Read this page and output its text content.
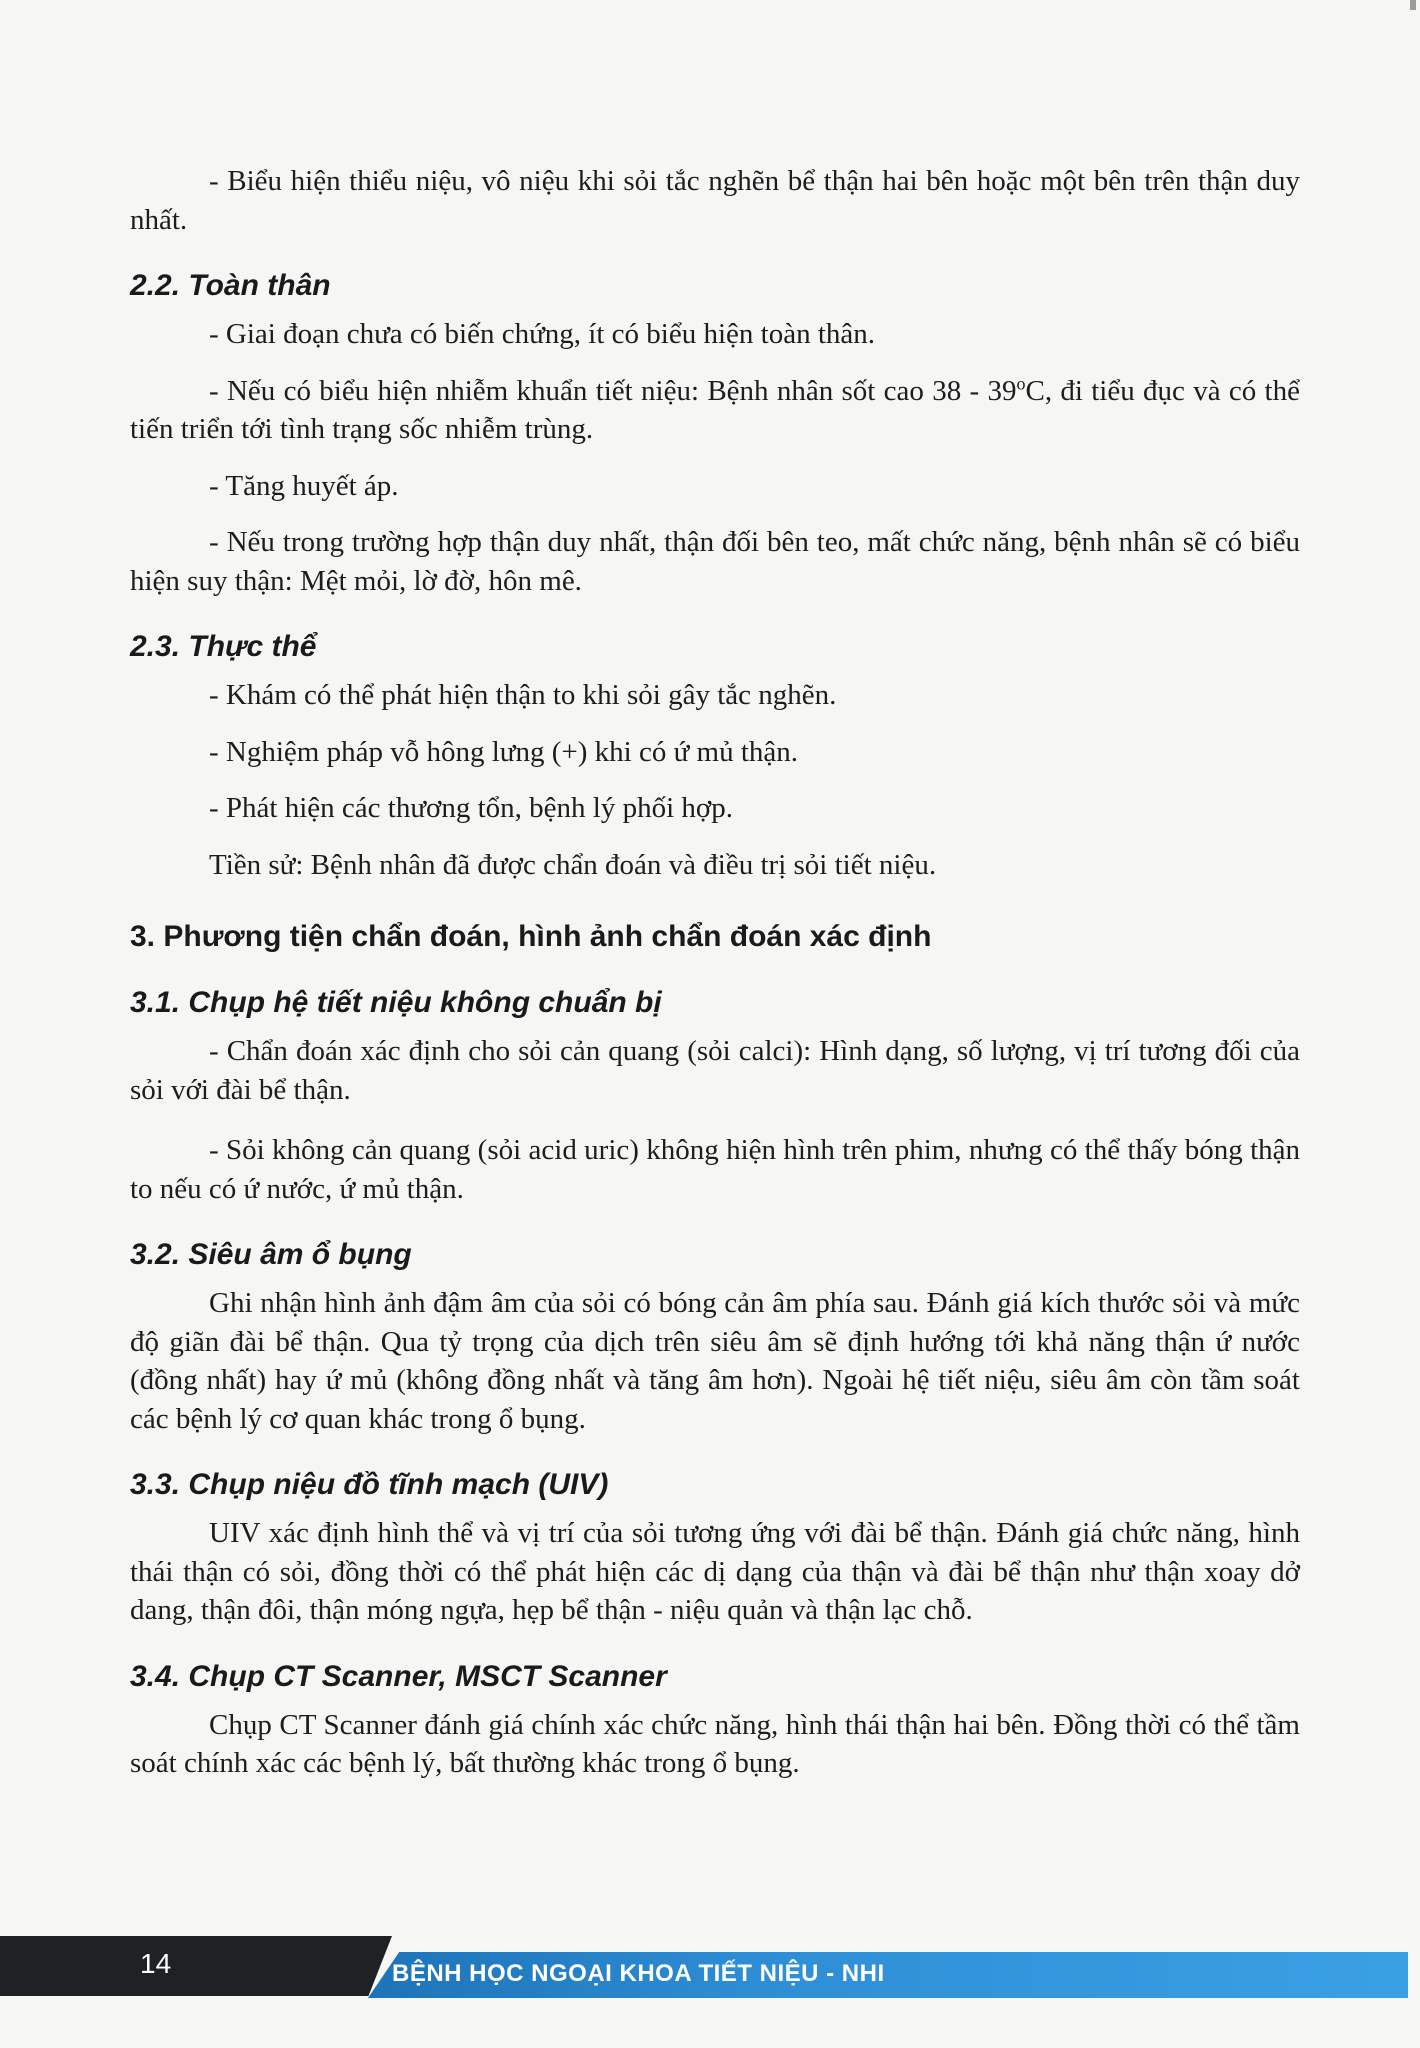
- Biểu hiện thiểu niệu, vô niệu khi sỏi tắc nghẽn bể thận hai bên hoặc một bên trên thận duy nhất.

2.2. Toàn thân

- Giai đoạn chưa có biến chứng, ít có biểu hiện toàn thân.

- Nếu có biểu hiện nhiễm khuẩn tiết niệu: Bệnh nhân sốt cao 38 - 39$^o$C, đi tiểu đục và có thể tiến triển tới tình trạng sốc nhiễm trùng.

- Tăng huyết áp.

- Nếu trong trường hợp thận duy nhất, thận đối bên teo, mất chức năng, bệnh nhân sẽ có biểu hiện suy thận: Mệt mỏi, lờ đờ, hôn mê.

2.3. Thực thể

- Khám có thể phát hiện thận to khi sỏi gây tắc nghẽn.

- Nghiệm pháp vỗ hông lưng (+) khi có ứ mủ thận.

- Phát hiện các thương tổn, bệnh lý phối hợp.

Tiền sử: Bệnh nhân đã được chẩn đoán và điều trị sỏi tiết niệu.

3. Phương tiện chẩn đoán, hình ảnh chẩn đoán xác định
3.1. Chụp hệ tiết niệu không chuẩn bị

- Chẩn đoán xác định cho sỏi cản quang (sỏi calci): Hình dạng, số lượng, vị trí tương đối của sỏi với đài bể thận.

- Sỏi không cản quang (sỏi acid uric) không hiện hình trên phim, nhưng có thể thấy bóng thận to nếu có ứ nước, ứ mủ thận.

3.2. Siêu âm ổ bụng

Ghi nhận hình ảnh đậm âm của sỏi có bóng cản âm phía sau. Đánh giá kích thước sỏi và mức độ giãn đài bể thận. Qua tỷ trọng của dịch trên siêu âm sẽ định hướng tới khả năng thận ứ nước (đồng nhất) hay ứ mủ (không đồng nhất và tăng âm hơn). Ngoài hệ tiết niệu, siêu âm còn tầm soát các bệnh lý cơ quan khác trong ổ bụng.

3.3. Chụp niệu đồ tĩnh mạch (UIV)

UIV xác định hình thể và vị trí của sỏi tương ứng với đài bể thận. Đánh giá chức năng, hình thái thận có sỏi, đồng thời có thể phát hiện các dị dạng của thận và đài bể thận như thận xoay dở dang, thận đôi, thận móng ngựa, hẹp bể thận - niệu quản và thận lạc chỗ.

3.4. Chụp CT Scanner, MSCT Scanner

Chụp CT Scanner đánh giá chính xác chức năng, hình thái thận hai bên. Đồng thời có thể tầm soát chính xác các bệnh lý, bất thường khác trong ổ bụng.

14	BỆNH HỌC NGOẠI KHOA TIẾT NIỆU - NHI
